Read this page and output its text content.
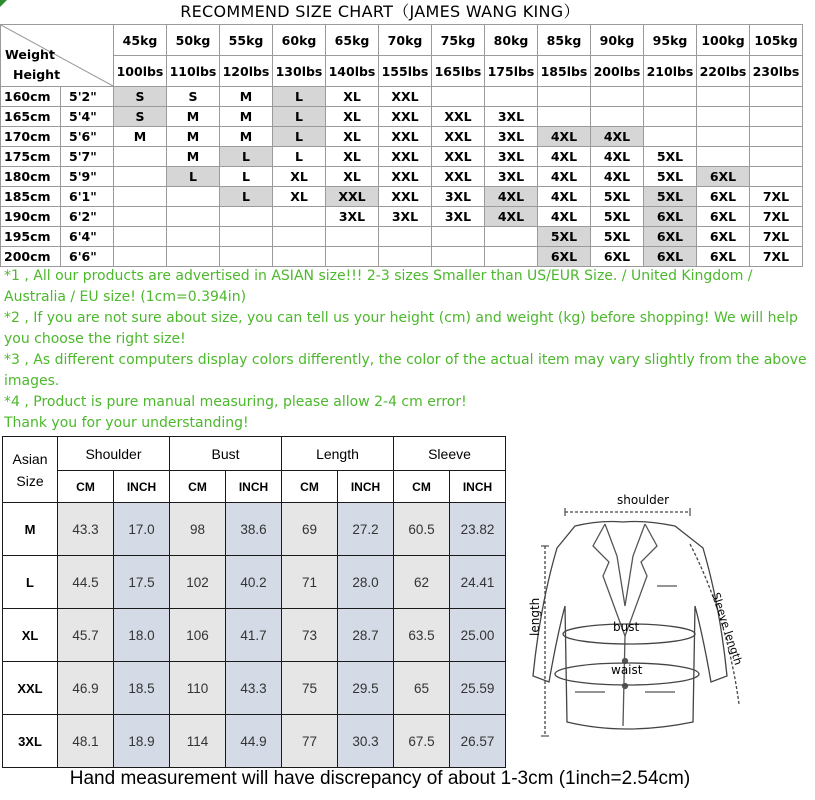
RECOMMEND SIZE CHART（JAMES WANG KING）
Weight
Height		45kg	50kg	55kg	60kg	65kg	70kg	75kg	80kg	85kg	90kg	95kg	100kg	105kg
		100lbs	110lbs	120lbs	130lbs	140lbs	155lbs	165lbs	175lbs	185lbs	200lbs	210lbs	220lbs	230lbs
160cm	5'2"	S	S	M	L	XL	XXL							
165cm	5'4"	S	M	M	L	XL	XXL	XXL	3XL					
170cm	5'6"	M	M	M	L	XL	XXL	XXL	3XL	4XL	4XL			
175cm	5'7"		M	L	L	XL	XXL	XXL	3XL	4XL	4XL	5XL		
180cm	5'9"		L	L	XL	XL	XXL	XXL	3XL	4XL	4XL	5XL	6XL	
185cm	6'1"			L	XL	XXL	XXL	3XL	4XL	4XL	5XL	5XL	6XL	7XL
190cm	6'2"					3XL	3XL	3XL	4XL	4XL	5XL	6XL	6XL	7XL
195cm	6'4"									5XL	5XL	6XL	6XL	7XL
200cm	6'6"									6XL	6XL	6XL	6XL	7XL

*1 , All our products are advertised in ASIAN size!!! 2-3 sizes Smaller than US/EUR Size. / United Kingdom / Australia / EU size! (1cm=0.394in)

*2 , If you are not sure about size, you can tell us your height (cm) and weight (kg) before shopping! We will help you choose the right size!

*3 , As different computers display colors differently, the color of the actual item may vary slightly from the above images.

*4 , Product is pure manual measuring, please allow 2-4 cm error!

Thank you for your understanding!

Asian
Size	Shoulder		Bust		Length		Sleeve	
	CM	INCH	CM	INCH	CM	INCH	CM	INCH
M	43.3	17.0	98	38.6	69	27.2	60.5	23.82
L	44.5	17.5	102	40.2	71	28.0	62	24.41
XL	45.7	18.0	106	41.7	73	28.7	63.5	25.00
XXL	46.9	18.5	110	43.3	75	29.5	65	25.59
3XL	48.1	18.9	114	44.9	77	30.3	67.5	26.57
shoulder
length	bust
waist
Sleeve length
Hand measurement will have discrepancy of about 1-3cm (1inch=2.54cm)
